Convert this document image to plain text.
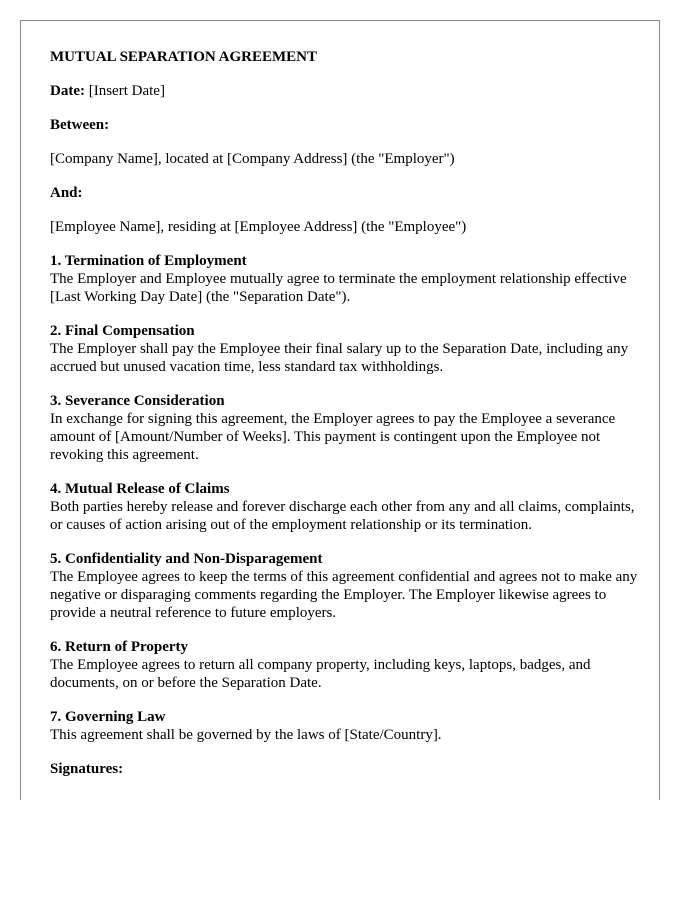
MUTUAL SEPARATION AGREEMENT
Date: [Insert Date]
Between:
[Company Name], located at [Company Address] (the "Employer")
And:
[Employee Name], residing at [Employee Address] (the "Employee")
1. Termination of Employment
The Employer and Employee mutually agree to terminate the employment relationship effective [Last Working Day Date] (the "Separation Date").
2. Final Compensation
The Employer shall pay the Employee their final salary up to the Separation Date, including any accrued but unused vacation time, less standard tax withholdings.
3. Severance Consideration
In exchange for signing this agreement, the Employer agrees to pay the Employee a severance amount of [Amount/Number of Weeks]. This payment is contingent upon the Employee not revoking this agreement.
4. Mutual Release of Claims
Both parties hereby release and forever discharge each other from any and all claims, complaints, or causes of action arising out of the employment relationship or its termination.
5. Confidentiality and Non-Disparagement
The Employee agrees to keep the terms of this agreement confidential and agrees not to make any negative or disparaging comments regarding the Employer. The Employer likewise agrees to provide a neutral reference to future employers.
6. Return of Property
The Employee agrees to return all company property, including keys, laptops, badges, and documents, on or before the Separation Date.
7. Governing Law
This agreement shall be governed by the laws of [State/Country].
Signatures:
